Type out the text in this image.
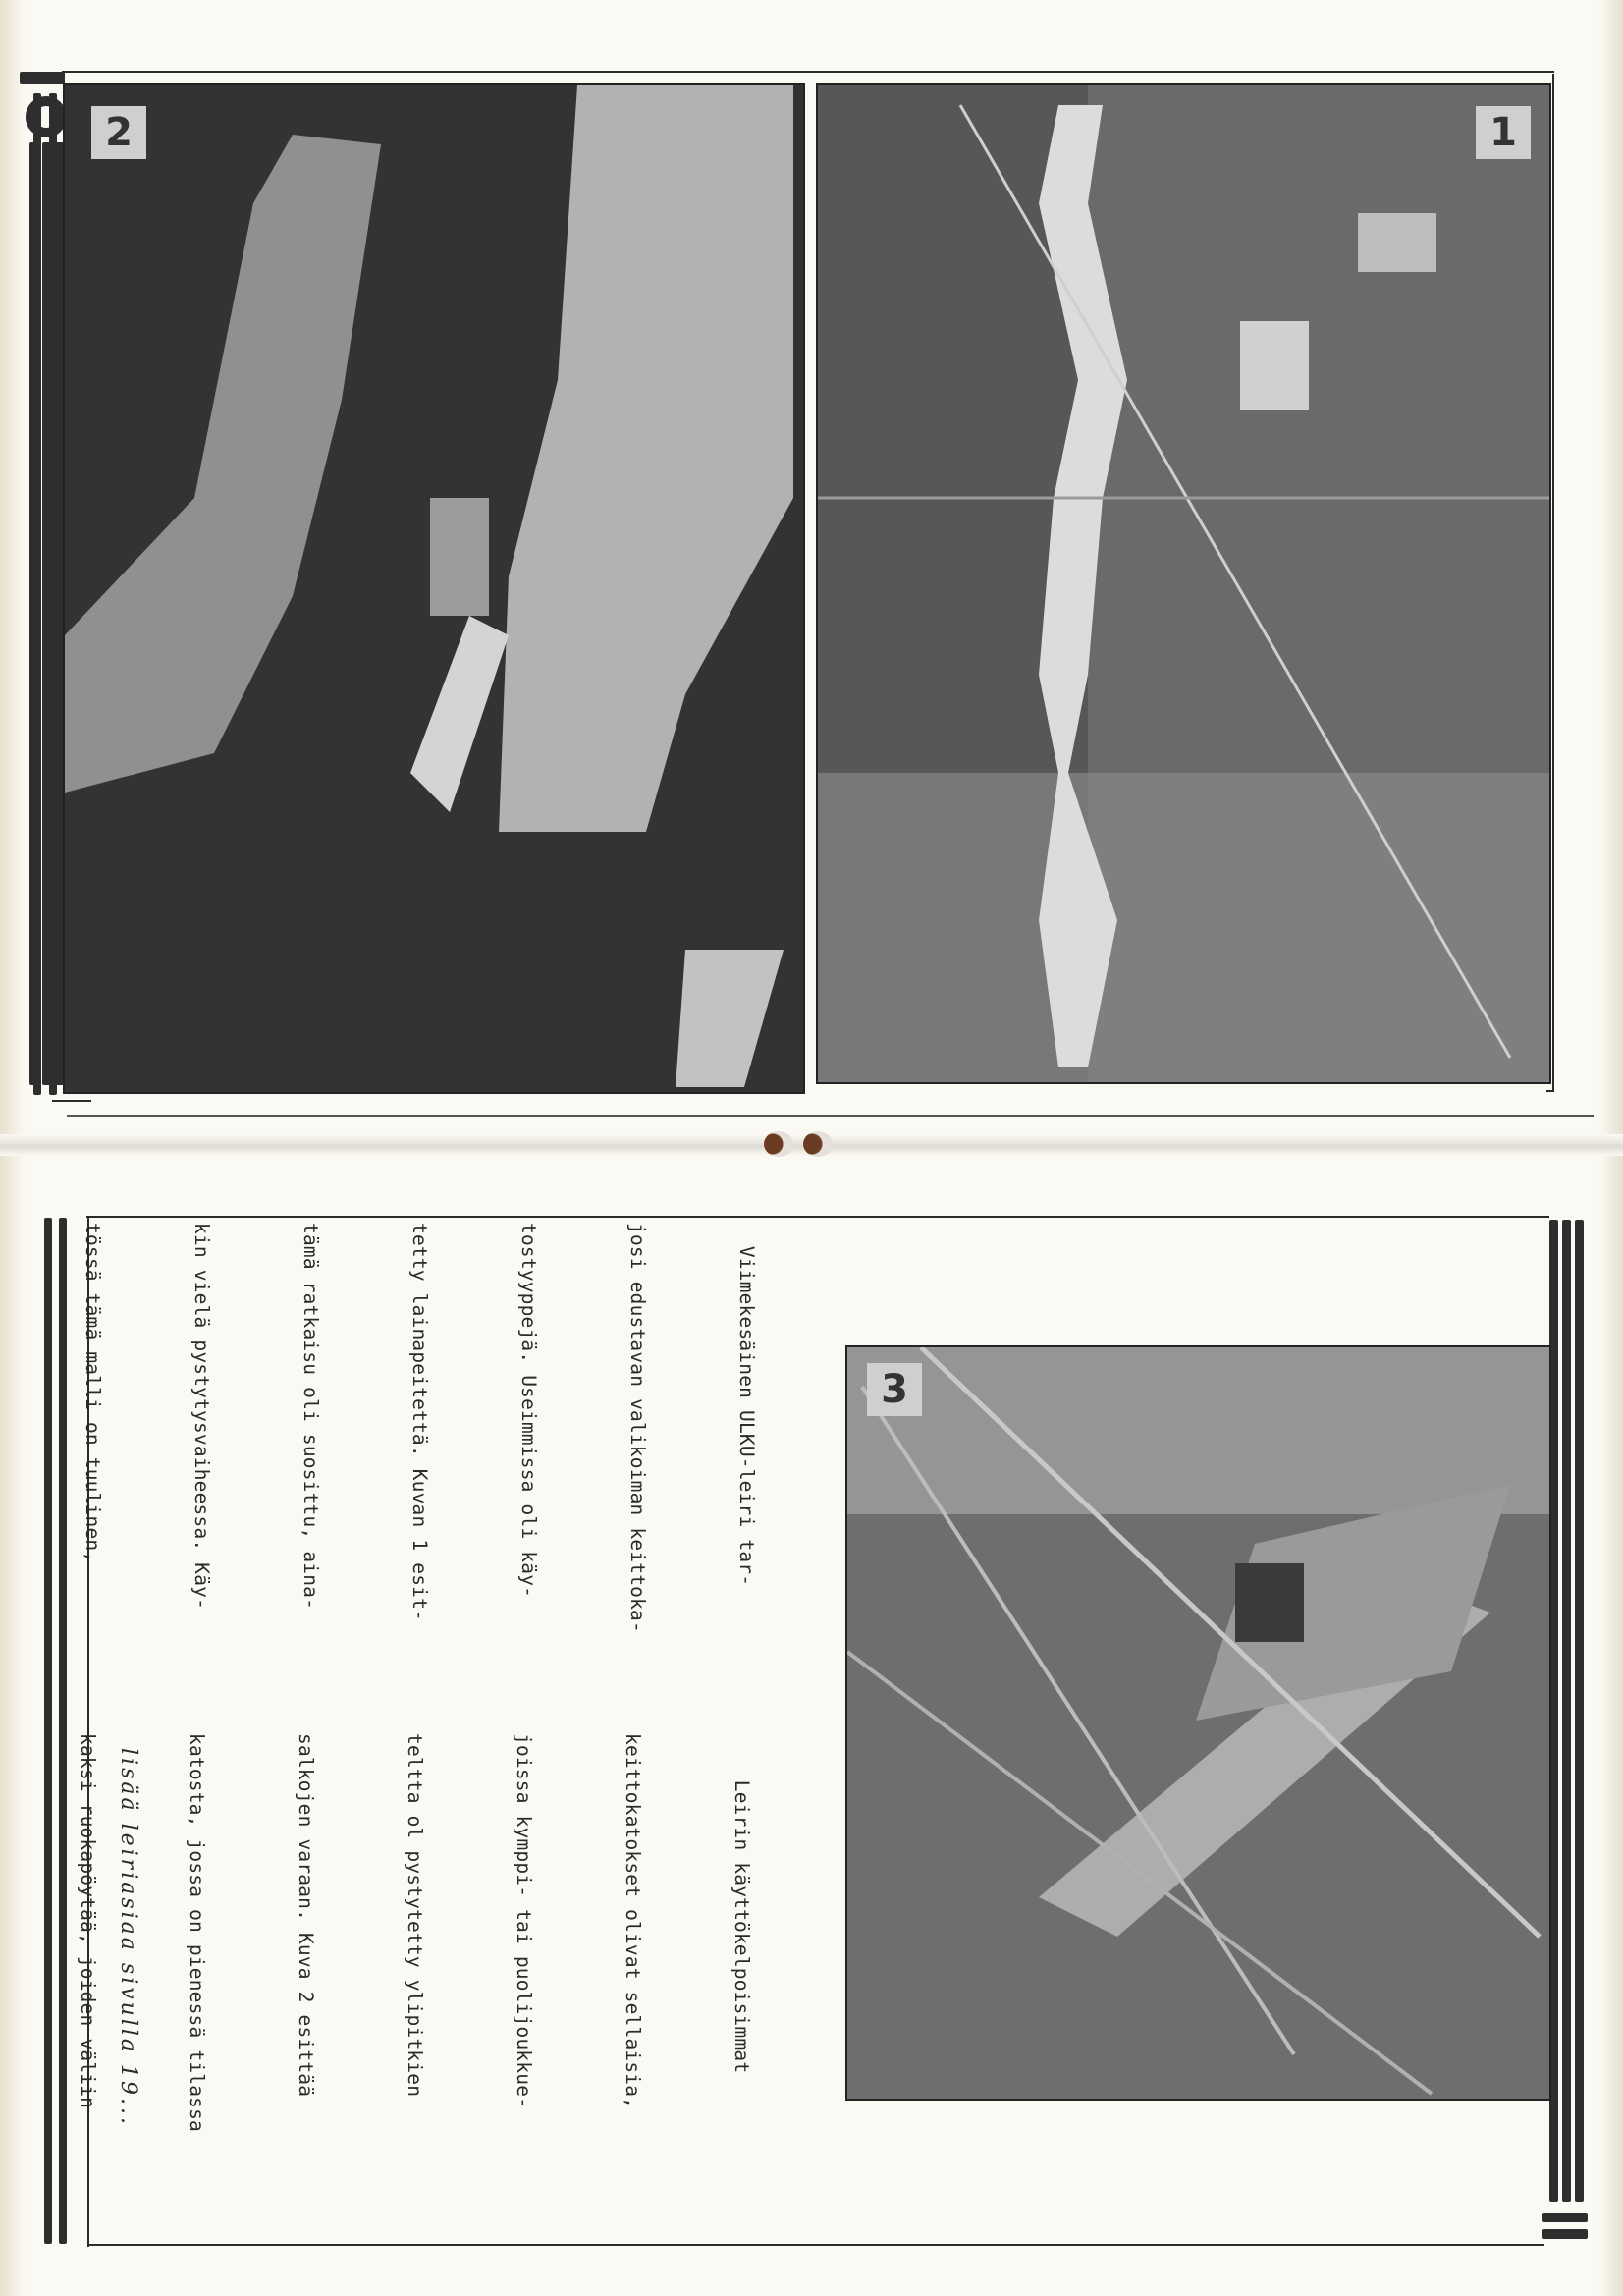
1
2
3

Leirin käyttökelpoisimmat

keittokatokset olivat sellaisia,

joissa kymppi- tai puolijoukkue-

teltta ol pystytetty ylipitkien

salkojen varaan. Kuva 2 esittää

katosta, jossa on pienessä tilassa

kaksi ruokapöytää, joiden väliin

Viimekesäinen ULKU-leiri tar-

josi edustavan valikoiman keittoka-

tostyyppejä. Useimmissa oli käy-

tetty lainapeitettä. Kuvan 1 esit-

tämä ratkaisu oli suosittu, aina-

kin vielä pystytysvaiheessa. Käy-

tössä tämä malli on tuulinen,

lisää leiriasiaa sivulla 19...
